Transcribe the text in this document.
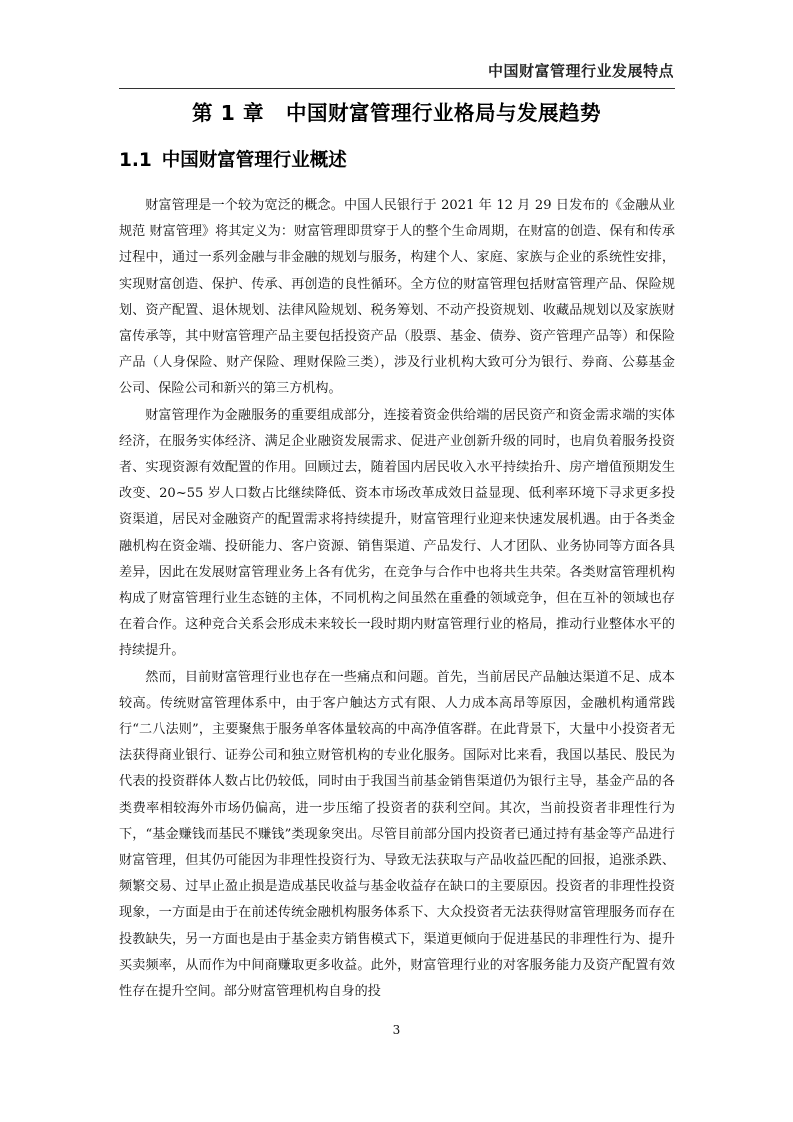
中国财富管理行业发展特点
第 1 章 中国财富管理行业格局与发展趋势
1.1 中国财富管理行业概述

财富管理是一个较为宽泛的概念。中国人民银行于 2021 年 12 月 29 日发布的《金融从业规范 财富管理》将其定义为：财富管理即贯穿于人的整个生命周期，在财富的创造、保有和传承过程中，通过一系列金融与非金融的规划与服务，构建个人、家庭、家族与企业的系统性安排，实现财富创造、保护、传承、再创造的良性循环。全方位的财富管理包括财富管理产品、保险规划、资产配置、退休规划、法律风险规划、税务筹划、不动产投资规划、收藏品规划以及家族财富传承等，其中财富管理产品主要包括投资产品（股票、基金、债券、资产管理产品等）和保险产品（人身保险、财产保险、理财保险三类），涉及行业机构大致可分为银行、券商、公募基金公司、保险公司和新兴的第三方机构。

财富管理作为金融服务的重要组成部分，连接着资金供给端的居民资产和资金需求端的实体经济，在服务实体经济、满足企业融资发展需求、促进产业创新升级的同时，也肩负着服务投资者、实现资源有效配置的作用。回顾过去，随着国内居民收入水平持续抬升、房产增值预期发生改变、20~55 岁人口数占比继续降低、资本市场改革成效日益显现、低利率环境下寻求更多投资渠道，居民对金融资产的配置需求将持续提升，财富管理行业迎来快速发展机遇。由于各类金融机构在资金端、投研能力、客户资源、销售渠道、产品发行、人才团队、业务协同等方面各具差异，因此在发展财富管理业务上各有优劣，在竞争与合作中也将共生共荣。各类财富管理机构构成了财富管理行业生态链的主体，不同机构之间虽然在重叠的领域竞争，但在互补的领域也存在着合作。这种竞合关系会形成未来较长一段时期内财富管理行业的格局，推动行业整体水平的持续提升。

然而，目前财富管理行业也存在一些痛点和问题。首先，当前居民产品触达渠道不足、成本较高。传统财富管理体系中，由于客户触达方式有限、人力成本高昂等原因，金融机构通常践行“二八法则”，主要聚焦于服务单客体量较高的中高净值客群。在此背景下，大量中小投资者无法获得商业银行、证券公司和独立财管机构的专业化服务。国际对比来看，我国以基民、股民为代表的投资群体人数占比仍较低，同时由于我国当前基金销售渠道仍为银行主导，基金产品的各类费率相较海外市场仍偏高，进一步压缩了投资者的获利空间。其次，当前投资者非理性行为下，“基金赚钱而基民不赚钱”类现象突出。尽管目前部分国内投资者已通过持有基金等产品进行财富管理，但其仍可能因为非理性投资行为、导致无法获取与产品收益匹配的回报，追涨杀跌、频繁交易、过早止盈止损是造成基民收益与基金收益存在缺口的主要原因。投资者的非理性投资现象，一方面是由于在前述传统金融机构服务体系下、大众投资者无法获得财富管理服务而存在投教缺失，另一方面也是由于基金卖方销售模式下，渠道更倾向于促进基民的非理性行为、提升买卖频率，从而作为中间商赚取更多收益。此外，财富管理行业的对客服务能力及资产配置有效性存在提升空间。部分财富管理机构自身的投

3
